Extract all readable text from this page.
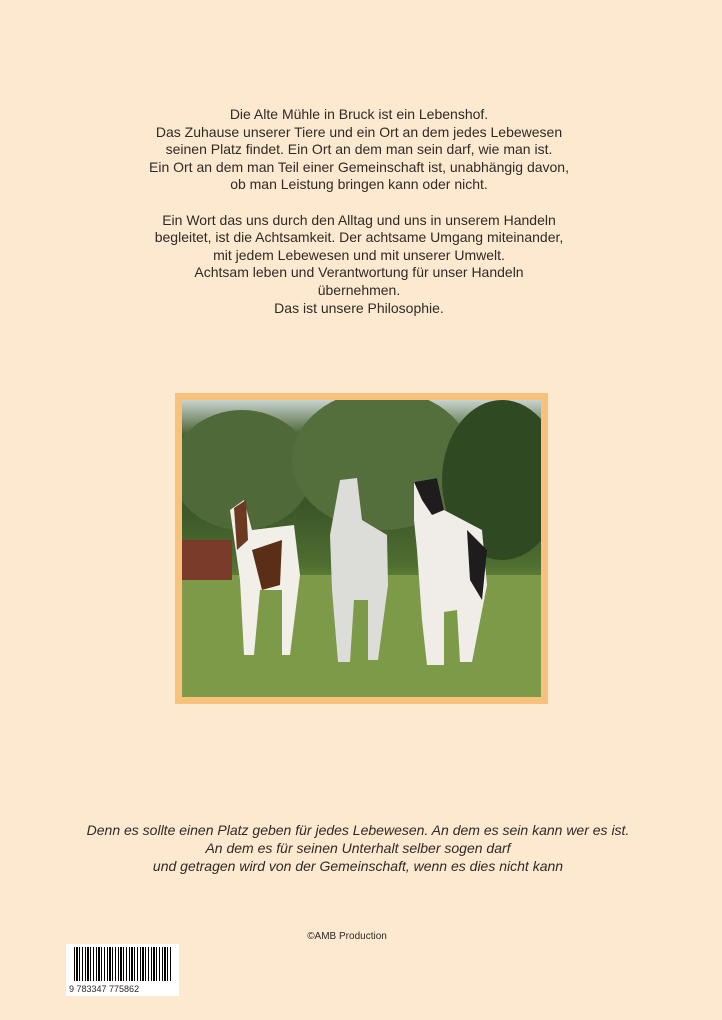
Die Alte Mühle in Bruck ist ein Lebenshof.
Das Zuhause unserer Tiere und ein Ort an dem jedes Lebewesen
seinen Platz findet. Ein Ort an dem man sein darf, wie man ist.
Ein Ort an dem man Teil einer Gemeinschaft ist, unabhängig davon,
ob man Leistung bringen kann oder nicht.

Ein Wort das uns durch den Alltag und uns in unserem Handeln
begleitet, ist die Achtsamkeit. Der achtsame Umgang miteinander,
mit jedem Lebewesen und mit unserer Umwelt.
Achtsam leben und Verantwortung für unser Handeln
übernehmen.
Das ist unsere Philosophie.

Denn es sollte einen Platz geben für jedes Lebewesen. An dem es sein kann wer es ist.
An dem es für seinen Unterhalt selber sogen darf
und getragen wird von der Gemeinschaft, wenn es dies nicht kann
©AMB Production
9 783347 775862
